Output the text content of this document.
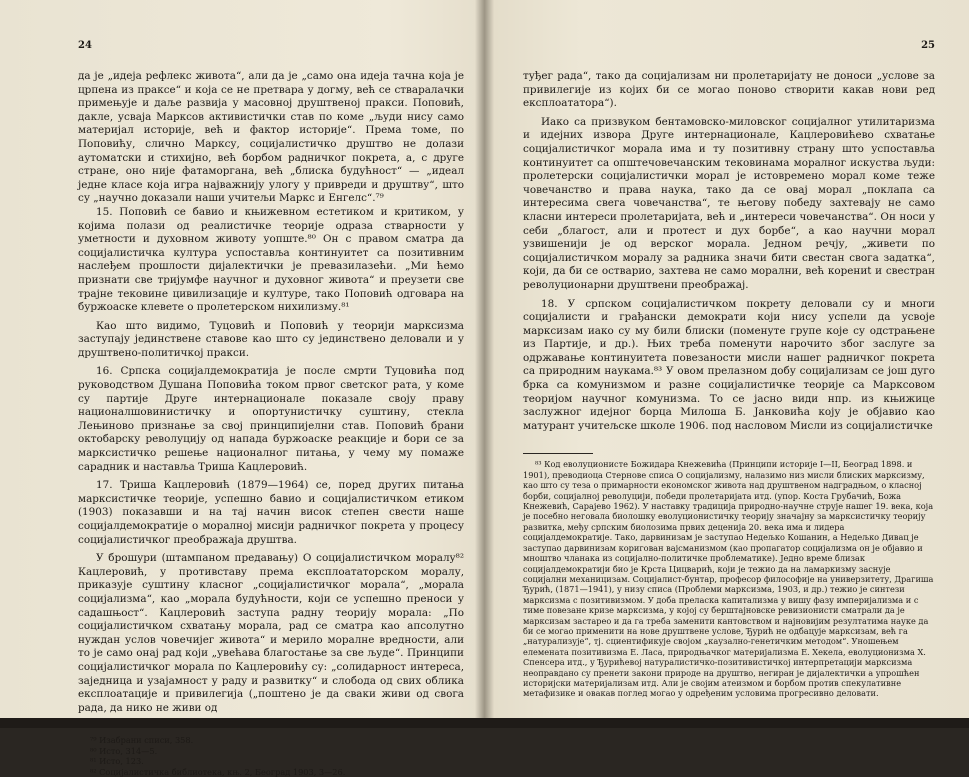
24

да је „идеја рефлекс живота“, али да је „само она идеја тачна која је црпена из праксе“ и која се не претвара у догму, већ се стваралачки примењује и даље развија у масовној друштвеној пракси. Поповић, дакле, усваја Марксов активистички став по коме „људи нису само материјал историје, већ и фактор историје“. Према томе, по Поповићу, слично Марксу, социјалистичко друштво не долази аутоматски и стихијно, већ борбом радничког покрета, а, с друге стране, оно није фатаморгана, већ „блиска будућност“ — „идеал једне класе која игра најважнију улогу у привреди и друштву“, што су „научно доказали наши учитељи Маркс и Енгелс“.⁷⁹

15. Поповић се бавио и књижевном естетиком и критиком, у којима полази од реалистичке теорије одраза стварности у уметности и духовном животу уопште.⁸⁰ Он с правом сматра да социјалистичка култура успоставља континуитет са позитивним наслеђем прошлости дијалектички је превазилазећи. „Ми ћемо признати све тријумфе научног и духовног живота“ и преузети све трајне тековине цивилизације и културе, тако Поповић одговара на буржоаске клевете о пролетерском нихилизму.⁸¹

Као што видимо, Туцовић и Поповић у теорији марксизма заступају јединствене ставове као што су јединствено деловали и у друштвено-политичкој пракси.

16. Српска социјалдемократија је после смрти Туцовића под руководством Душана Поповића током првог светског рата, у коме су партије Друге интернационале показале своју праву националшовинистичку и опортунистичку суштину, стекла Лењиново признање за свој принципијелни став. Поповић брани октобарску револуцију од напада буржоаске реакције и бори се за марксистичко решење националног питања, у чему му помаже сарадник и наставља Триша Кацлеровић.

17. Триша Кацлеровић (1879—1964) се, поред других питања марксистичке теорије, успешно бавио и социјалистичком етиком (1903) показавши и на тај начин висок степен свести наше социјалдемократије о моралној мисији радничког покрета у процесу социјалистичког преображаја друштва.

У брошури (штампаном предавању) О социјалистичком моралу⁸² Кацлеровић, у противставу према експлоататорском моралу, приказује суштину класног „социјалистичког морала“, „морала социјализма“, као „морала будућности, који се успешно преноси у садашњост“. Кацлеровић заступа радну теорију морала: „По социјалистичком схватању морала, рад се сматра као апсолутно нуждан услов човечијег живота“ и мерило моралне вредности, али то је само онај рад који „увећава благостање за све људе“. Принципи социјалистичког морала по Кацлеровићу су: „солидарност интереса, заједница и узајамност у раду и развитку“ и слобода од свих облика експлоатације и привилегија („поштено је да сваки живи од свога рада, да нико не живи од

⁷⁹ Изабрани списи, 358.

⁸⁰ Исто, 314—5.

⁸¹ Исто, 123.

⁸² Социјалистичка библиотека, књ. 2, Београд 1903, 3—26.

25

туђег рада“, тако да социјализам ни пролетаријату не доноси „услове за привилегије из којих би се могао поново створити какав нови ред експлоататора“).

Иако са призвуком бентамовско-миловског социјалног утилитаризма и идејних извора Друге интернационале, Кацлеровићево схватање социјалистичког морала има и ту позитивну страну што успоставља континуитет са општечовечанским тековинама моралног искуства људи: пролетерски социјалистички морал је истовремено морал коме теже човечанство и права наука, тако да се овај морал „поклапа са интересима свега човечанства“, те његову победу захтевају не само класни интереси пролетаријата, већ и „интереси човечанства“. Он носи у себи „благост, али и протест и дух борбе“, а као научни морал узвишенији је од верског морала. Једном речју, „живети по социјалистичком моралу за радника значи бити свестан свога задатка“, који, да би се остварио, захтева не само морални, већ корениt и свестран револуционарни друштвени преображај.

18. У српском социјалистичком покрету деловали су и многи социјалисти и грађански демократи који нису успели да усвоје марксизам иако су му били блиски (поменуте групе које су одстрањене из Партије, и др.). Њих треба поменути нарочито због заслуге за одржавање континуитета повезаности мисли нашег радничког покрета са природним наукама.⁸³ У овом прелазном добу социјализам се још дуго брка са комунизмом и разне социјалистичке теорије са Марксовом теоријом научног комунизма. То се јасно види нпр. из књижице заслужног идејног борца Милоша Б. Јанковића коју је објавио као матурант учитељске школе 1906. под насловом Мисли из социјалистичке

⁸³ Код еволуционисте Божидара Кнежевића (Принципи историје I—II, Београд 1898. и 1901), преводиоца Стернове списа О социјализму, налазимо низ мисли блиских марксизму, као што су теза о примарности економског живота над друштвеном надградњом, о класној борби, социјалној револуцији, победи пролетаријата итд. (упор. Коста Грубачић, Божа Кнежевић, Сарајево 1962). У наставку традиција природно-научне струје нашег 19. века, која је посебно неговала биолошку еволуционистичку теорију значајну за марксистичку теорију развитка, међу српским биолозима првих деценија 20. века има и лидера социјалдемократије. Тако, дарвинизам је заступао Недељко Кошанин, а Недељко Дивац је заступао дарвинизам коригован вајсманизмом (као пропагатор социјализма он је објавио и мноштво чланака из социјално-политичке проблематике). Једно време близак социјалдемократији био је Крста Цицварић, који је тежио да на ламаркизму заснује социјални механицизам. Социјалист-бунтар, професор философије на универзитету, Драгиша Ђурић, (1871—1941), у низу списа (Проблеми марксизма, 1903, и др.) тежио је синтези марксизма с позитивизмом. У доба преласка капитализма у вишу фазу империјализма и с тиме повезане кризе марксизма, у којој су берштајновске ревизионисти сматрали да је марксизам застарео и да га треба заменити кантовством и најновијим резултатима науке да би се могао применити на нове друштвене услове, Ђурић не одбацује марксизам, већ га „натурализује“, тј. сциентификује својом „каузално-генетичким методом“. Уношењем елемената позитивизма Е. Ласа, природњачког материјализма Е. Хекела, еволуционизма Х. Спенсера итд., у Ђурићевој натуралистичко-позитивистичкој интерпретацији марксизма неоправдано су пренети закони природе на друштво, негиран је дијалектички а упрошћен историјски материјализам итд. Али је својим атеизмом и борбом против спекулативне метафизике и овакав поглед могао у одређеним условима прогресивно деловати.
